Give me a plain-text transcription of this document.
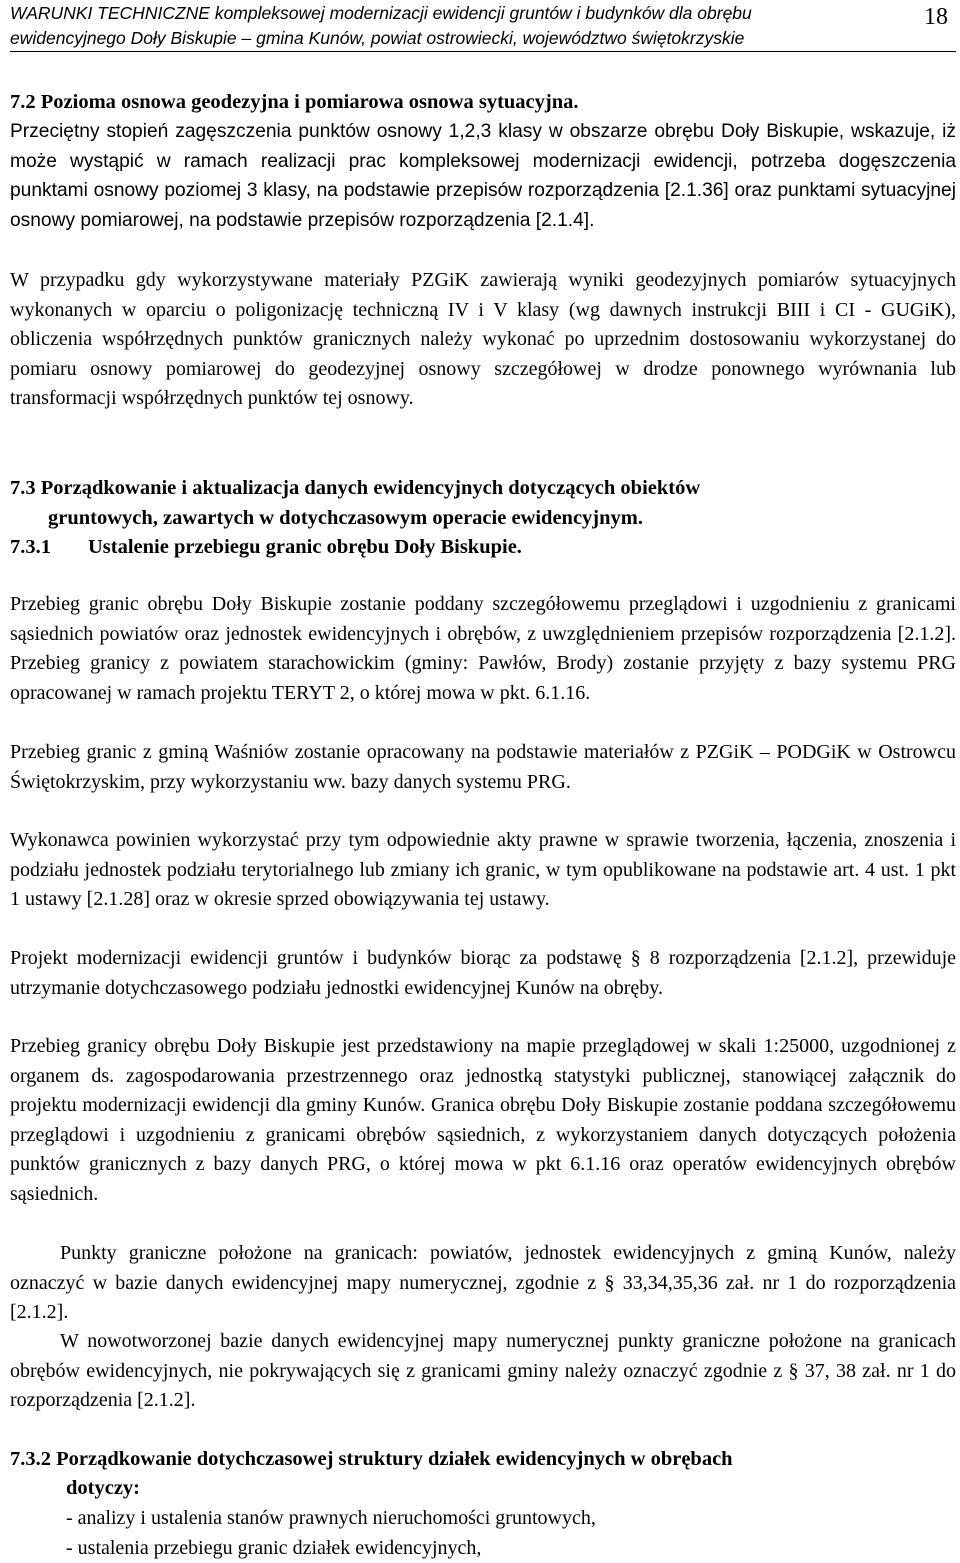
WARUNKI TECHNICZNE kompleksowej modernizacji ewidencji gruntów i budynków dla obrębu
ewidencyjnego Doły Biskupie – gmina Kunów, powiat ostrowiecki, województwo świętokrzyskie
18
7.2 Pozioma osnowa geodezyjna i pomiarowa osnowa sytuacyjna.
Przeciętny stopień zagęszczenia punktów osnowy 1,2,3 klasy w obszarze obrębu Doły Biskupie, wskazuje, iż może wystąpić w ramach realizacji prac kompleksowej modernizacji ewidencji, potrzeba dogęszczenia punktami osnowy poziomej 3 klasy, na podstawie przepisów rozporządzenia [2.1.36] oraz punktami sytuacyjnej osnowy pomiarowej, na podstawie przepisów rozporządzenia [2.1.4].
W przypadku gdy wykorzystywane materiały PZGiK zawierają wyniki geodezyjnych pomiarów sytuacyjnych wykonanych w oparciu o poligonizację techniczną IV i V klasy (wg dawnych instrukcji BIII i CI - GUGiK), obliczenia współrzędnych punktów granicznych należy wykonać po uprzednim dostosowaniu wykorzystanej do pomiaru osnowy pomiarowej do geodezyjnej osnowy szczegółowej w drodze ponownego wyrównania lub transformacji współrzędnych punktów tej osnowy.
7.3 Porządkowanie i aktualizacja danych ewidencyjnych dotyczących obiektów
gruntowych, zawartych w dotychczasowym operacie ewidencyjnym.
7.3.1 Ustalenie przebiegu granic obrębu Doły Biskupie.
Przebieg granic obrębu Doły Biskupie zostanie poddany szczegółowemu przeglądowi i uzgodnieniu z granicami sąsiednich powiatów oraz jednostek ewidencyjnych i obrębów, z uwzględnieniem przepisów rozporządzenia [2.1.2]. Przebieg granicy z powiatem starachowickim (gminy: Pawłów, Brody) zostanie przyjęty z bazy systemu PRG opracowanej w ramach projektu TERYT 2, o której mowa w pkt. 6.1.16.
Przebieg granic z gminą Waśniów zostanie opracowany na podstawie materiałów z PZGiK – PODGiK w Ostrowcu Świętokrzyskim, przy wykorzystaniu ww. bazy danych systemu PRG.
Wykonawca powinien wykorzystać przy tym odpowiednie akty prawne w sprawie tworzenia, łączenia, znoszenia i podziału jednostek podziału terytorialnego lub zmiany ich granic, w tym opublikowane na podstawie art. 4 ust. 1 pkt 1 ustawy [2.1.28] oraz w okresie sprzed obowiązywania tej ustawy.
Projekt modernizacji ewidencji gruntów i budynków biorąc za podstawę § 8 rozporządzenia [2.1.2], przewiduje utrzymanie dotychczasowego podziału jednostki ewidencyjnej Kunów na obręby.
Przebieg granicy obrębu Doły Biskupie jest przedstawiony na mapie przeglądowej w skali 1:25000, uzgodnionej z organem ds. zagospodarowania przestrzennego oraz jednostką statystyki publicznej, stanowiącej załącznik do projektu modernizacji ewidencji dla gminy Kunów. Granica obrębu Doły Biskupie zostanie poddana szczegółowemu przeglądowi i uzgodnieniu z granicami obrębów sąsiednich, z wykorzystaniem danych dotyczących położenia punktów granicznych z bazy danych PRG, o której mowa w pkt 6.1.16 oraz operatów ewidencyjnych obrębów sąsiednich.
Punkty graniczne położone na granicach: powiatów, jednostek ewidencyjnych z gminą Kunów, należy oznaczyć w bazie danych ewidencyjnej mapy numerycznej, zgodnie z § 33,34,35,36 zał. nr 1 do rozporządzenia [2.1.2].
W nowotworzonej bazie danych ewidencyjnej mapy numerycznej punkty graniczne położone na granicach obrębów ewidencyjnych, nie pokrywających się z granicami gminy należy oznaczyć zgodnie z § 37, 38 zał. nr 1 do rozporządzenia [2.1.2].
7.3.2 Porządkowanie dotychczasowej struktury działek ewidencyjnych w obrębach
dotyczy:
- analizy i ustalenia stanów prawnych nieruchomości gruntowych,
- ustalenia przebiegu granic działek ewidencyjnych,
